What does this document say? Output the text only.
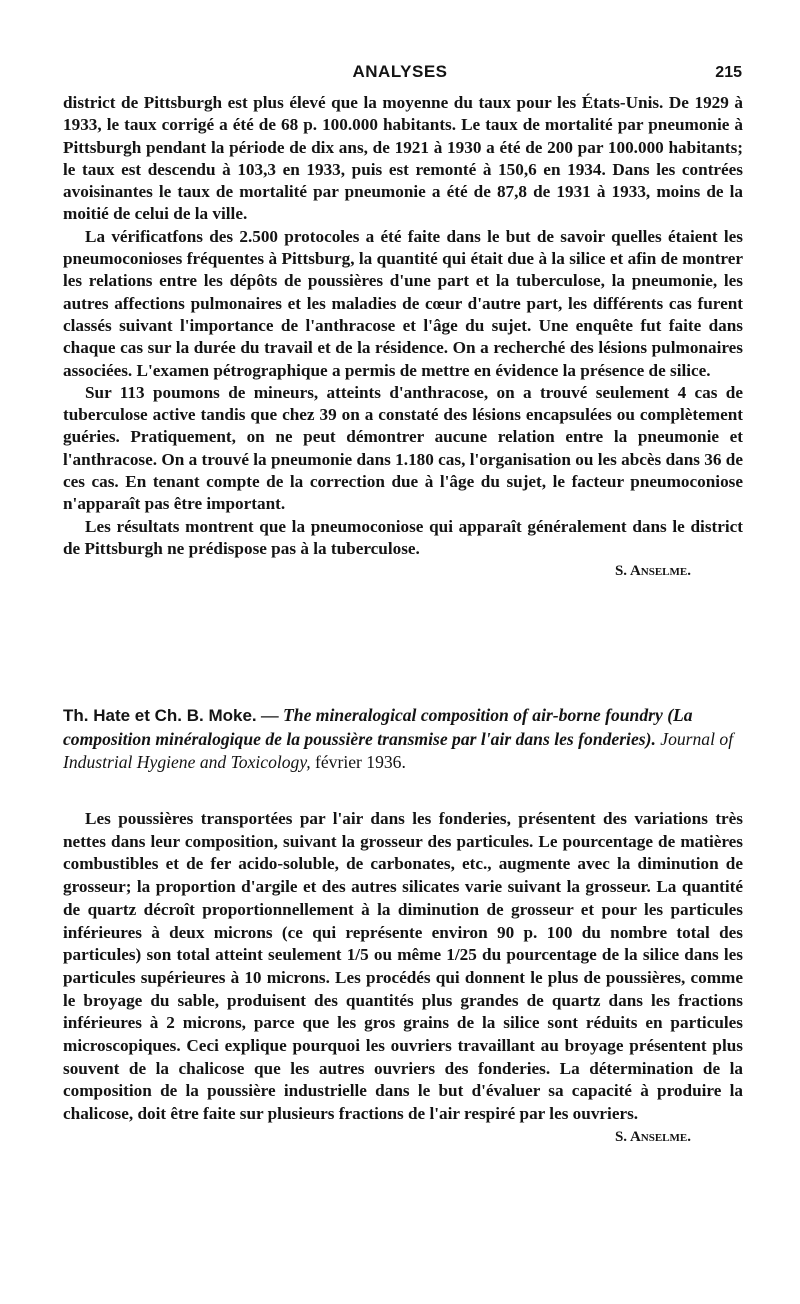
ANALYSES	215

district de Pittsburgh est plus élevé que la moyenne du taux pour les États-Unis. De 1929 à 1933, le taux corrigé a été de 68 p. 100.000 habitants. Le taux de mortalité par pneumonie à Pittsburgh pendant la période de dix ans, de 1921 à 1930 a été de 200 par 100.000 habitants; le taux est descendu à 103,3 en 1933, puis est remonté à 150,6 en 1934. Dans les contrées avoisinantes le taux de mortalité par pneumonie a été de 87,8 de 1931 à 1933, moins de la moitié de celui de la ville.

La vérificatfons des 2.500 protocoles a été faite dans le but de savoir quelles étaient les pneumoconioses fréquentes à Pittsburg, la quantité qui était due à la silice et afin de montrer les relations entre les dépôts de poussières d'une part et la tuberculose, la pneumonie, les autres affections pulmonaires et les maladies de cœur d'autre part, les différents cas furent classés suivant l'importance de l'anthracose et l'âge du sujet. Une enquête fut faite dans chaque cas sur la durée du travail et de la résidence. On a recherché des lésions pulmonaires associées. L'examen pétrographique a permis de mettre en évidence la présence de silice.

Sur 113 poumons de mineurs, atteints d'anthracose, on a trouvé seulement 4 cas de tuberculose active tandis que chez 39 on a constaté des lésions encapsulées ou complètement guéries. Pratiquement, on ne peut démontrer aucune relation entre la pneumonie et l'anthracose. On a trouvé la pneumonie dans 1.180 cas, l'organisation ou les abcès dans 36 de ces cas. En tenant compte de la correction due à l'âge du sujet, le facteur pneumoconiose n'apparaît pas être important.

Les résultats montrent que la pneumoconiose qui apparaît généralement dans le district de Pittsburgh ne prédispose pas à la tuberculose.

S. Anselme.

Th. Hate et Ch. B. Moke. — The mineralogical composition of air-borne foundry (La composition minéralogique de la poussière transmise par l'air dans les fonderies). Journal of Industrial Hygiene and Toxicology, février 1936.

Les poussières transportées par l'air dans les fonderies, présentent des variations très nettes dans leur composition, suivant la grosseur des particules. Le pourcentage de matières combustibles et de fer acido-soluble, de carbonates, etc., augmente avec la diminution de grosseur; la proportion d'argile et des autres silicates varie suivant la grosseur. La quantité de quartz décroît proportionnellement à la diminution de grosseur et pour les particules inférieures à deux microns (ce qui représente environ 90 p. 100 du nombre total des particules) son total atteint seulement 1/5 ou même 1/25 du pourcentage de la silice dans les particules supérieures à 10 microns. Les procédés qui donnent le plus de poussières, comme le broyage du sable, produisent des quantités plus grandes de quartz dans les fractions inférieures à 2 microns, parce que les gros grains de la silice sont réduits en particules microscopiques. Ceci explique pourquoi les ouvriers travaillant au broyage présentent plus souvent de la chalicose que les autres ouvriers des fonderies. La détermination de la composition de la poussière industrielle dans le but d'évaluer sa capacité à produire la chalicose, doit être faite sur plusieurs fractions de l'air respiré par les ouvriers.

S. Anselme.
